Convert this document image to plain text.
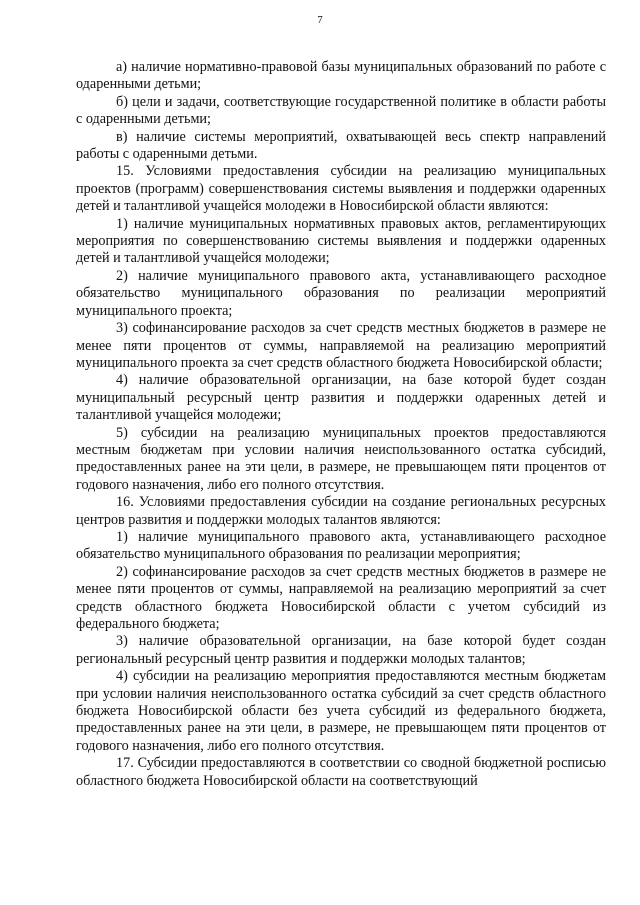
7

а) наличие нормативно-правовой базы муниципальных образований по работе с одаренными детьми;

б) цели и задачи, соответствующие государственной политике в области работы с одаренными детьми;

в) наличие системы мероприятий, охватывающей весь спектр направлений работы с одаренными детьми.

15. Условиями предоставления субсидии на реализацию муниципальных проектов (программ) совершенствования системы выявления и поддержки одаренных детей и талантливой учащейся молодежи в Новосибирской области являются:

1) наличие муниципальных нормативных правовых актов, регламентирующих мероприятия по совершенствованию системы выявления и поддержки одаренных детей и талантливой учащейся молодежи;

2) наличие муниципального правового акта, устанавливающего расходное обязательство муниципального образования по реализации мероприятий муниципального проекта;

3) софинансирование расходов за счет средств местных бюджетов в размере не менее пяти процентов от суммы, направляемой на реализацию мероприятий муниципального проекта за счет средств областного бюджета Новосибирской области;

4) наличие образовательной организации, на базе которой будет создан муниципальный ресурсный центр развития и поддержки одаренных детей и талантливой учащейся молодежи;

5) субсидии на реализацию муниципальных проектов предоставляются местным бюджетам при условии наличия неиспользованного остатка субсидий, предоставленных ранее на эти цели, в размере, не превышающем пяти процентов от годового назначения, либо его полного отсутствия.

16. Условиями предоставления субсидии на создание региональных ресурсных центров развития и поддержки молодых талантов являются:

1) наличие муниципального правового акта, устанавливающего расходное обязательство муниципального образования по реализации мероприятия;

2) софинансирование расходов за счет средств местных бюджетов в размере не менее пяти процентов от суммы, направляемой на реализацию мероприятий за счет средств областного бюджета Новосибирской области с учетом субсидий из федерального бюджета;

3) наличие образовательной организации, на базе которой будет создан региональный ресурсный центр развития и поддержки молодых талантов;

4) субсидии на реализацию мероприятия предоставляются местным бюджетам при условии наличия неиспользованного остатка субсидий за счет средств областного бюджета Новосибирской области без учета субсидий из федерального бюджета, предоставленных ранее на эти цели, в размере, не превышающем пяти процентов от годового назначения, либо его полного отсутствия.

17. Субсидии предоставляются в соответствии со сводной бюджетной росписью областного бюджета Новосибирской области на соответствующий
